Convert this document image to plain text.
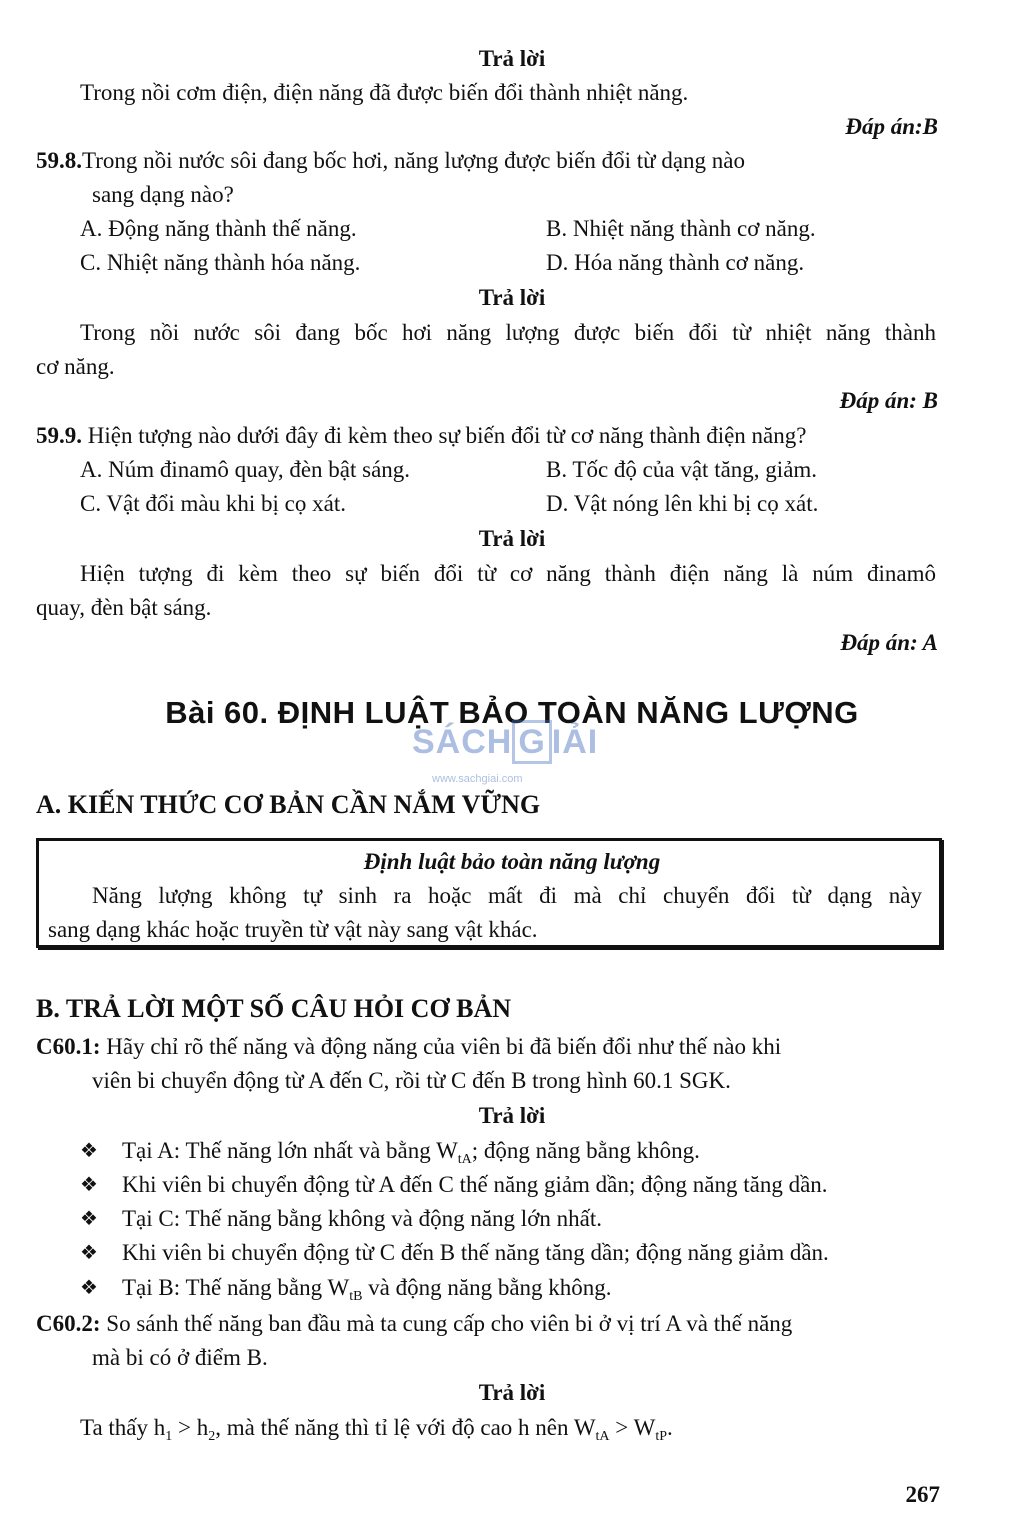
Trả lời
Trong nồi cơm điện, điện năng đã được biến đổi thành nhiệt năng.
Đáp án:B
59.8.Trong nồi nước sôi đang bốc hơi, năng lượng được biến đổi từ dạng nào
sang dạng nào?
A. Động năng thành thế năng.	B. Nhiệt năng thành cơ năng.
C. Nhiệt năng thành hóa năng.	D. Hóa năng thành cơ năng.
Trả lời
Trong nồi nước sôi đang bốc hơi năng lượng được biến đổi từ nhiệt năng thành
cơ năng.
Đáp án: B
59.9. Hiện tượng nào dưới đây đi kèm theo sự biến đổi từ cơ năng thành điện năng?
A. Núm đinamô quay, đèn bật sáng.	B. Tốc độ của vật tăng, giảm.
C. Vật đổi màu khi bị cọ xát.	D. Vật nóng lên khi bị cọ xát.
Trả lời
Hiện tượng đi kèm theo sự biến đổi từ cơ năng thành điện năng là núm đinamô
quay, đèn bật sáng.
Đáp án: A
Bài 60. ĐỊNH LUẬT BẢO TOÀN NĂNG LƯỢNG
SÁCH G IẢI
www.sachgiai.com
A. KIẾN THỨC CƠ BẢN CẦN NẮM VỮNG
Định luật bảo toàn năng lượng
Năng lượng không tự sinh ra hoặc mất đi mà chỉ chuyển đổi từ dạng này
sang dạng khác hoặc truyền từ vật này sang vật khác.
B. TRẢ LỜI MỘT SỐ CÂU HỎI CƠ BẢN
C60.1: Hãy chỉ rõ thế năng và động năng của viên bi đã biến đổi như thế nào khi
viên bi chuyển động từ A đến C, rồi từ C đến B trong hình 60.1 SGK.
Trả lời
❖ Tại A: Thế năng lớn nhất và bằng $W_{tA}$; động năng bằng không.
❖ Khi viên bi chuyển động từ A đến C thế năng giảm dần; động năng tăng dần.
❖ Tại C: Thế năng bằng không và động năng lớn nhất.
❖ Khi viên bi chuyển động từ C đến B thế năng tăng dần; động năng giảm dần.
❖ Tại B: Thế năng bằng $W_{tB}$ và động năng bằng không.
C60.2: So sánh thế năng ban đầu mà ta cung cấp cho viên bi ở vị trí A và thế năng
mà bi có ở điểm B.
Trả lời
Ta thấy $h_1 > h_2$, mà thế năng thì tỉ lệ với độ cao h nên $W_{tA} > W_{tP}$.
267
